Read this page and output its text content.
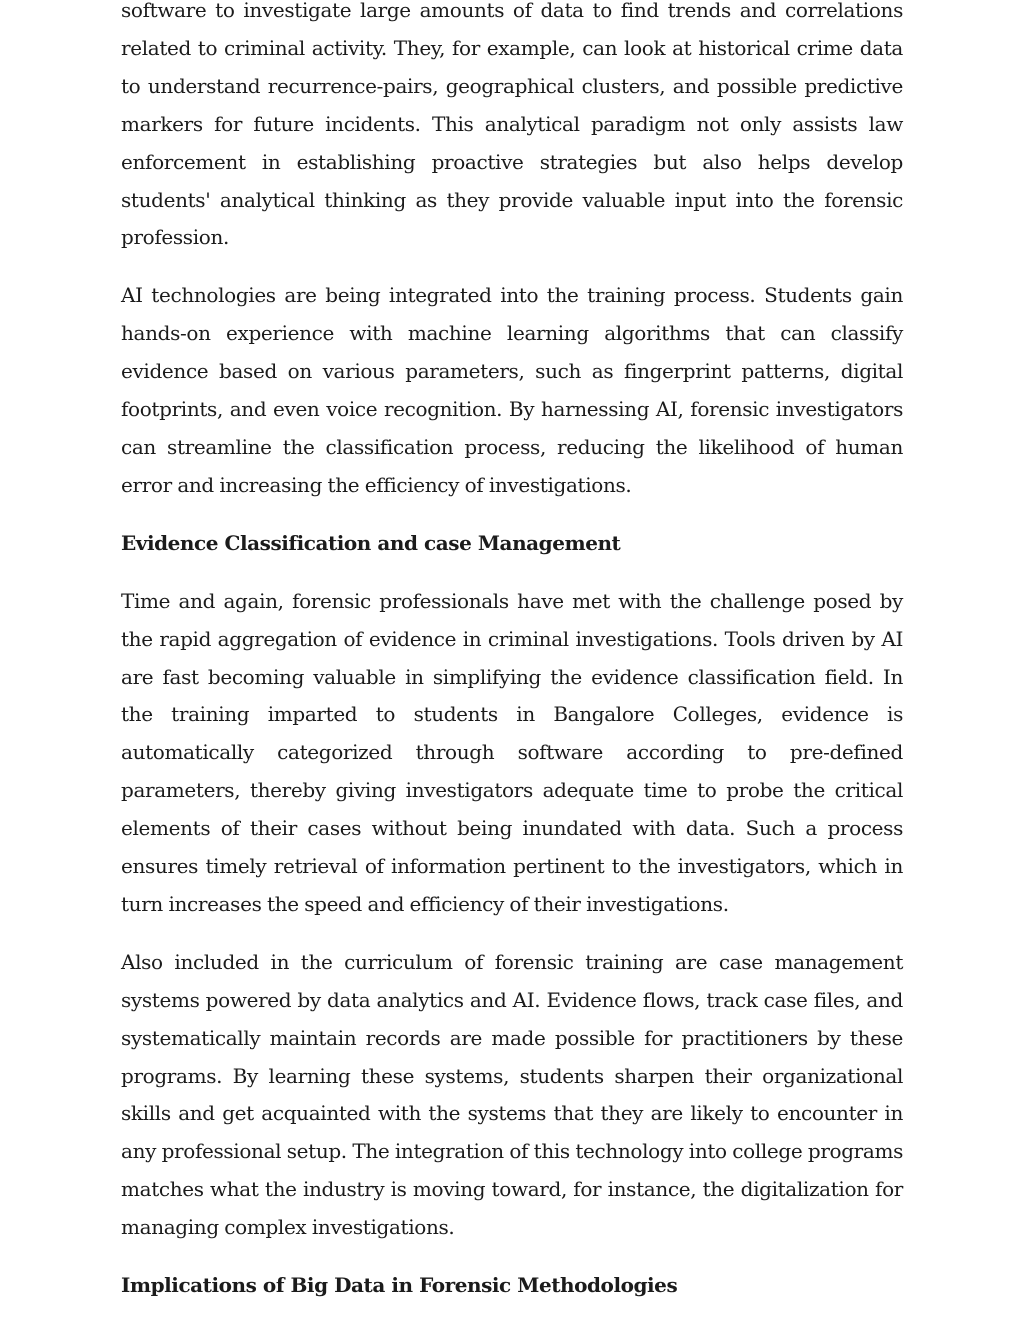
software to investigate large amounts of data to find trends and correlations related to criminal activity. They, for example, can look at historical crime data to understand recurrence-pairs, geographical clusters, and possible predictive markers for future incidents. This analytical paradigm not only assists law enforcement in establishing proactive strategies but also helps develop students' analytical thinking as they provide valuable input into the forensic profession.

AI technologies are being integrated into the training process. Students gain hands-on experience with machine learning algorithms that can classify evidence based on various parameters, such as fingerprint patterns, digital footprints, and even voice recognition. By harnessing AI, forensic investigators can streamline the classification process, reducing the likelihood of human error and increasing the efficiency of investigations.

Evidence Classification and case Management

Time and again, forensic professionals have met with the challenge posed by the rapid aggregation of evidence in criminal investigations. Tools driven by AI are fast becoming valuable in simplifying the evidence classification field. In the training imparted to students in Bangalore Colleges, evidence is automatically categorized through software according to pre-defined parameters, thereby giving investigators adequate time to probe the critical elements of their cases without being inundated with data. Such a process ensures timely retrieval of information pertinent to the investigators, which in turn increases the speed and efficiency of their investigations.

Also included in the curriculum of forensic training are case management systems powered by data analytics and AI. Evidence flows, track case files, and systematically maintain records are made possible for practitioners by these programs. By learning these systems, students sharpen their organizational skills and get acquainted with the systems that they are likely to encounter in any professional setup. The integration of this technology into college programs matches what the industry is moving toward, for instance, the digitalization for managing complex investigations.

Implications of Big Data in Forensic Methodologies
